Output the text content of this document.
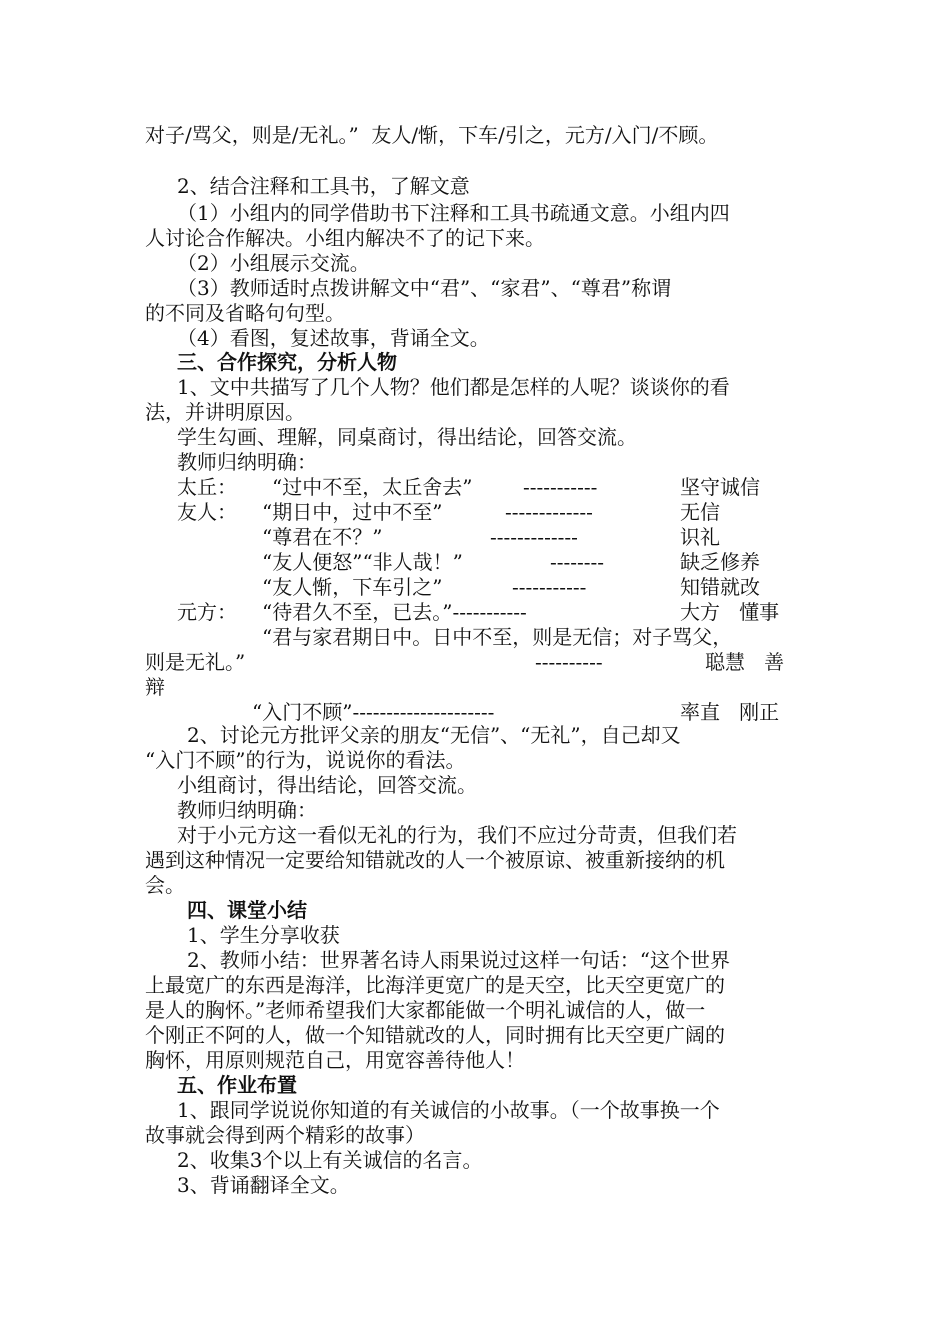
对子/骂父，则是/无礼。”  友人/惭，下车/引之，元方/入门/不顾。
2、结合注释和工具书，了解文意
（1）小组内的同学借助书下注释和工具书疏通文意。小组内四
人讨论合作解决。小组内解决不了的记下来。
（2）小组展示交流。
（3）教师适时点拨讲解文中“君”、“家君”、“尊君”称谓
的不同及省略句句型。
（4）看图，复述故事，背诵全文。
三、合作探究，分析人物
1、文中共描写了几个人物？他们都是怎样的人呢？谈谈你的看
法，并讲明原因。
学生勾画、理解，同桌商讨，得出结论，回答交流。
教师归纳明确：
太丘： “过中不至，太丘舍去”	-----------	坚守诚信
友人： “期日中，过中不至”	-------------	无信
“尊君在不？”	-------------	识礼
“友人便怒”“非人哉！”	--------	缺乏修养
“友人惭，下车引之”	-----------	知错就改
元方： “待君久不至，已去。”-----------	大方   懂事
“君与家君期日中。日中不至，则是无信；对子骂父，
则是无礼。”	----------	聪慧   善
辩
“入门不顾”---------------------	率直   刚正
2、讨论元方批评父亲的朋友“无信”、“无礼”，自己却又
“入门不顾”的行为，说说你的看法。
小组商讨，得出结论，回答交流。
教师归纳明确：
对于小元方这一看似无礼的行为，我们不应过分苛责，但我们若
遇到这种情况一定要给知错就改的人一个被原谅、被重新接纳的机
会。
四、课堂小结
1、学生分享收获
2、教师小结：世界著名诗人雨果说过这样一句话：“这个世界
上最宽广的东西是海洋，比海洋更宽广的是天空，比天空更宽广的
是人的胸怀。”老师希望我们大家都能做一个明礼诚信的人，做一
个刚正不阿的人，做一个知错就改的人，同时拥有比天空更广阔的
胸怀，用原则规范自己，用宽容善待他人！
五、作业布置
1、跟同学说说你知道的有关诚信的小故事。（一个故事换一个
故事就会得到两个精彩的故事）
2、收集3个以上有关诚信的名言。
3、背诵翻译全文。
